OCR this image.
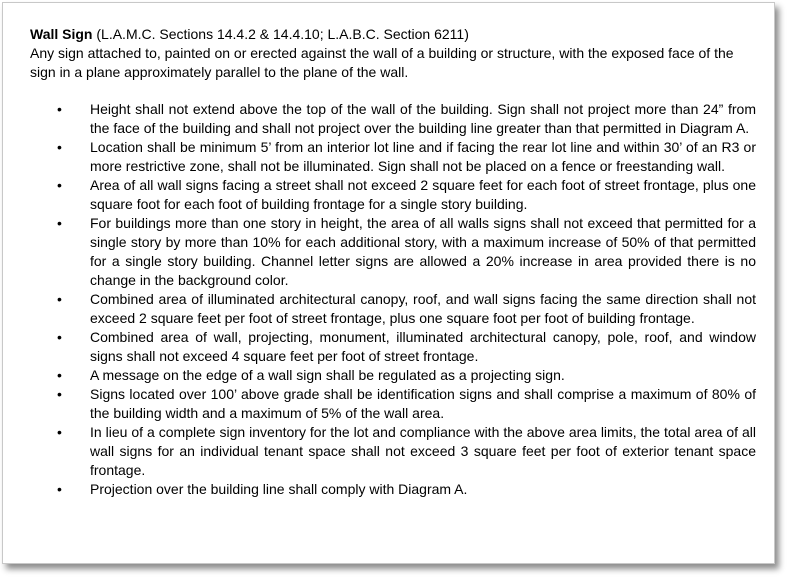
Wall Sign (L.A.M.C. Sections 14.4.2 & 14.4.10; L.A.B.C. Section 6211)

Any sign attached to, painted on or erected against the wall of a building or structure, with the exposed face of the sign in a plane approximately parallel to the plane of the wall.

• Height shall not extend above the top of the wall of the building. Sign shall not project more than 24” from the face of the building and shall not project over the building line greater than that permitted in Diagram A.
• Location shall be minimum 5’ from an interior lot line and if facing the rear lot line and within 30’ of an R3 or more restrictive zone, shall not be illuminated. Sign shall not be placed on a fence or freestanding wall.
• Area of all wall signs facing a street shall not exceed 2 square feet for each foot of street frontage, plus one square foot for each foot of building frontage for a single story building.
• For buildings more than one story in height, the area of all walls signs shall not exceed that permitted for a single story by more than 10% for each additional story, with a maximum increase of 50% of that permitted for a single story building. Channel letter signs are allowed a 20% increase in area provided there is no change in the background color.
• Combined area of illuminated architectural canopy, roof, and wall signs facing the same direction shall not exceed 2 square feet per foot of street frontage, plus one square foot per foot of building frontage.
• Combined area of wall, projecting, monument, illuminated architectural canopy, pole, roof, and window signs shall not exceed 4 square feet per foot of street frontage.
• A message on the edge of a wall sign shall be regulated as a projecting sign.
• Signs located over 100’ above grade shall be identification signs and shall comprise a maximum of 80% of the building width and a maximum of 5% of the wall area.
• In lieu of a complete sign inventory for the lot and compliance with the above area limits, the total area of all wall signs for an individual tenant space shall not exceed 3 square feet per foot of exterior tenant space frontage.
• Projection over the building line shall comply with Diagram A.
